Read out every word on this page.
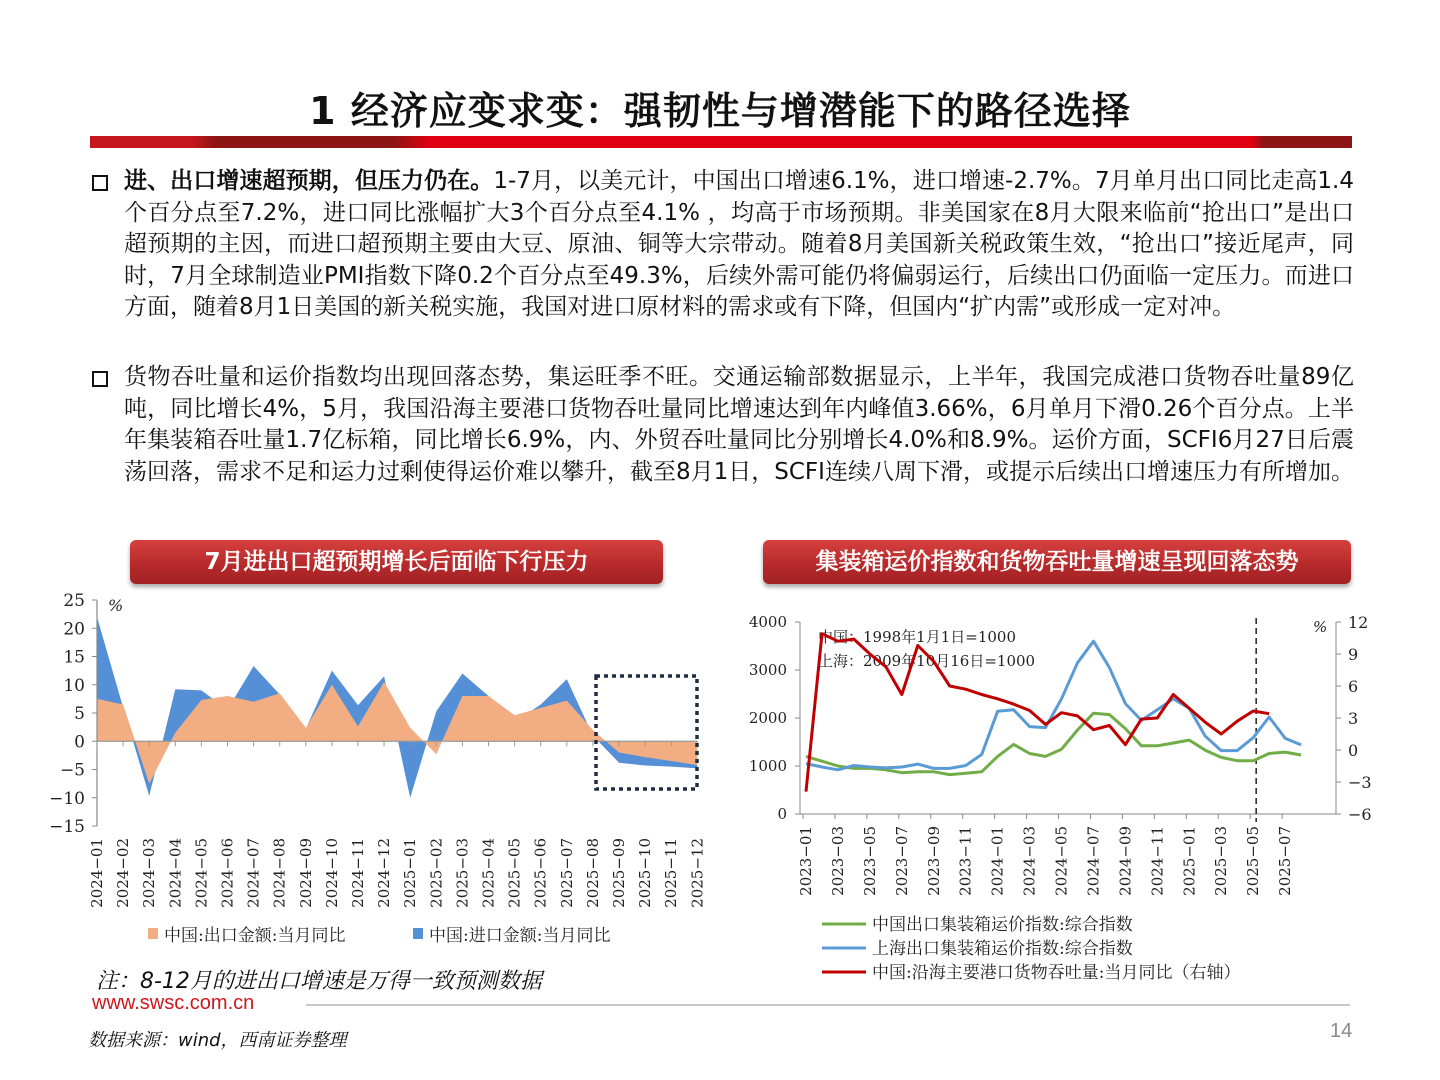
1 经济应变求变：强韧性与增潜能下的路径选择
进、出口增速超预期，但压力仍在。1-7月，以美元计，中国出口增速6.1%，进口增速-2.7%。7月单月出口同比走高1.4个百分点至7.2%，进口同比涨幅扩大3个百分点至4.1% ，均高于市场预期。非美国家在8月大限来临前“抢出口”是出口超预期的主因，而进口超预期主要由大豆、原油、铜等大宗带动。随着8月美国新关税政策生效，“抢出口”接近尾声，同时，7月全球制造业PMI指数下降0.2个百分点至49.3%，后续外需可能仍将偏弱运行，后续出口仍面临一定压力。而进口方面，随着8月1日美国的新关税实施，我国对进口原材料的需求或有下降，但国内“扩内需”或形成一定对冲。
货物吞吐量和运价指数均出现回落态势，集运旺季不旺。交通运输部数据显示，上半年，我国完成港口货物吞吐量89亿吨，同比增长4%，5月，我国沿海主要港口货物吞吐量同比增速达到年内峰值3.66%，6月单月下滑0.26个百分点。上半年集装箱吞吐量1.7亿标箱，同比增长6.9%，内、外贸吞吐量同比分别增长4.0%和8.9%。运价方面，SCFI6月27日后震荡回落，需求不足和运力过剩使得运价难以攀升，截至8月1日，SCFI连续八周下滑，或提示后续出口增速压力有所增加。
7月进出口超预期增长后面临下行压力	集装箱运价指数和货物吞吐量增速呈现回落态势
25
20
15
10
5
0
−5
−10
−15
%
2024−01 2024−02 2024−03 2024−04 2024−05 2024−06 2024−07 2024−08 2024−09 2024−10 2024−11 2024−12 2025−01 2025−02 2025−03 2025−04 2025−05 2025−06 2025−07 2025−08 2025−09 2025−10 2025−11 2025−12
中国:出口金额:当月同比	中国:进口金额:当月同比
4000
3000
2000
1000
0
12
9
6
3
0
−3
−6
%
2023−01 2023−03 2023−05 2023−07 2023−09 2023−11 2024−01 2024−03 2024−05 2024−07 2024−09 2024−11 2025−01 2025−03 2025−05 2025−07
中国：1998年1月1日=1000
上海：2009年10月16日=1000
中国出口集装箱运价指数:综合指数
上海出口集装箱运价指数:综合指数
中国:沿海主要港口货物吞吐量:当月同比（右轴）
注：8-12月的进出口增速是万得一致预测数据
www.swsc.com.cn
数据来源：wind，西南证券整理	14
